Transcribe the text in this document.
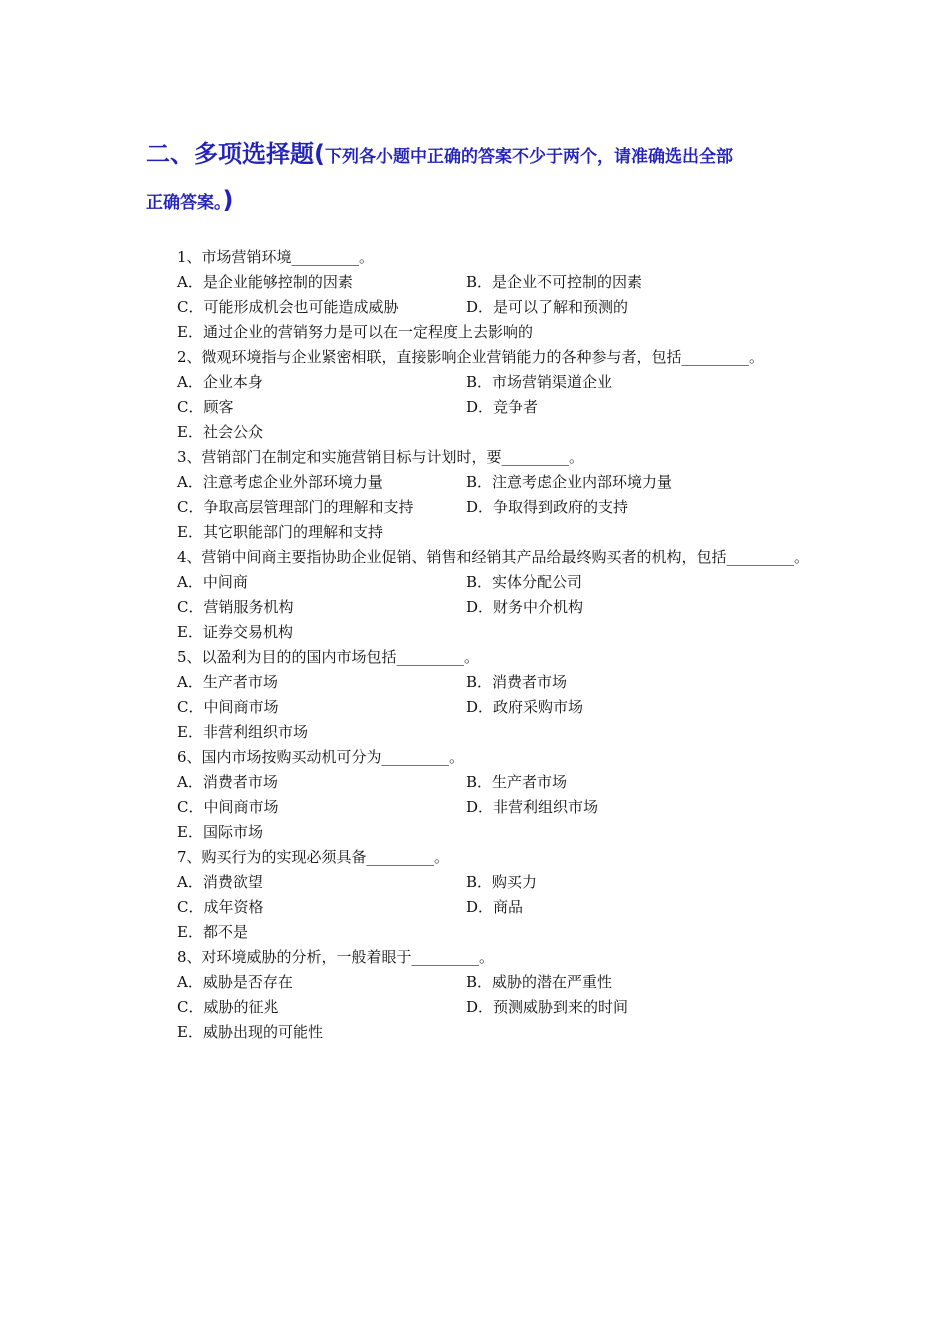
二、多项选择题(下列各小题中正确的答案不少于两个，请准确选出全部
正确答案。)
1、市场营销环境_________。
A．是企业能够控制的因素	B．是企业不可控制的因素
C．可能形成机会也可能造成威胁	D．是可以了解和预测的
E．通过企业的营销努力是可以在一定程度上去影响的
2、微观环境指与企业紧密相联，直接影响企业营销能力的各种参与者，包括_________。
A．企业本身	B．市场营销渠道企业
C．顾客	D．竞争者
E．社会公众
3、营销部门在制定和实施营销目标与计划时，要_________。
A．注意考虑企业外部环境力量	B．注意考虑企业内部环境力量
C．争取高层管理部门的理解和支持	D．争取得到政府的支持
E．其它职能部门的理解和支持
4、营销中间商主要指协助企业促销、销售和经销其产品给最终购买者的机构，包括_________。
A．中间商	B．实体分配公司
C．营销服务机构	D．财务中介机构
E．证券交易机构
5、以盈利为目的的国内市场包括_________。
A．生产者市场	B．消费者市场
C．中间商市场	D．政府采购市场
E．非营利组织市场
6、国内市场按购买动机可分为_________。
A．消费者市场	B．生产者市场
C．中间商市场	D．非营利组织市场
E．国际市场
7、购买行为的实现必须具备_________。
A．消费欲望	B．购买力
C．成年资格	D．商品
E．都不是
8、对环境威胁的分析，一般着眼于_________。
A．威胁是否存在	B．威胁的潜在严重性
C．威胁的征兆	D．预测威胁到来的时间
E．威胁出现的可能性
